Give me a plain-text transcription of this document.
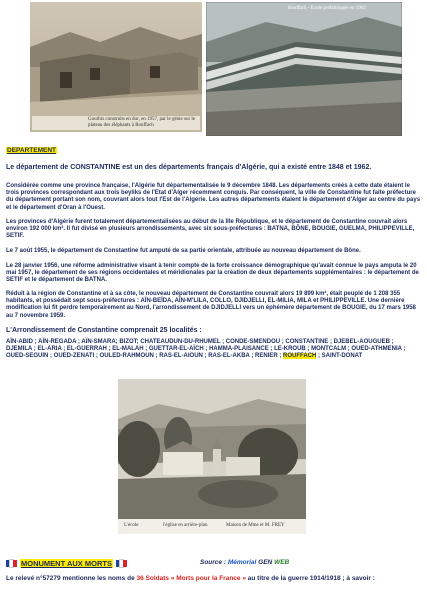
Gourbis construits en dur, en 1957, par le génie sur le plateau des éléphants à Rouffach
Rouffach - Ecole préfabriquée en 1962
DEPARTEMENT

Le département de CONSTANTINE est un des départements français d'Algérie, qui a existé entre 1848 et 1962.

Considérée comme une province française, l'Algérie fut départementalisée le 9 décembre 1848. Les départements créés à cette date étaient le trois provinces correspondant aux trois beyliks de l'Etat d'Alger récemment conquis. Par conséquent, la ville de Constantine fut faite préfecture du département portant son nom, couvrant alors tout l'Est de l'Algérie. Les autres départements étaient le département d'Alger au centre du pays et le département d'Oran à l'Ouest.

Les provinces d'Algérie furent totalement départementalisées au début de la IIIe République, et le département de Constantine couvrait alors environ 192 000 km². Il fut divisé en plusieurs arrondissements, avec six sous-préfectures : BATNA, BÔNE, BOUGIE, GUELMA, PHILIPPEVILLE, SETIF.

Le 7 août 1955, le département de Constantine fut amputé de sa partie orientale, attribuée au nouveau département de Bône.

Le 28 janvier 1956, une réforme administrative visant à tenir compte de la forte croissance démographique qu'avait connue le pays amputa le 20 mai 1957, le département de ses régions occidentales et méridionales par la création de deux départements supplémentaires : le département de SETIF et le département de BATNA.

Réduit à la région de Constantine et à sa côte, le nouveau département de Constantine couvrait alors 19 899 km², était peuplé de 1 208 355 habitants, et possédait sept sous-préfectures : AÏN-BEÏDA, AÏN-M'LILA, COLLO, DJIDJELLI, EL-MILIA, MILA et PHILIPPEVILLE. Une dernière modification lui fit perdre temporairement au Nord, l'arrondissement de DJIDJELLI vers un éphémère département de BOUGIE, du 17 mars 1958 au 7 novembre 1959.

L'Arrondissement de Constantine comprenait 25 localités :

AÏN-ABID ; AÏN-REGADA ; AÏN-SMARA; BIZOT; CHATEAUDUN-DU-RHUMEL ; CONDE-SMENDOU ; CONSTANTINE ; DJEBEL-AOUGUEB ; DJEMILA ; EL-ARIA ; EL-GUERRAH ; EL-MALAH ; GUETTAR-EL-AÏCH ; HAMMA-PLAISANCE ; LE-KROUB ; MONTCALM ; OUED-ATHMENIA ; OUED-SEGUIN ; OUED-ZENATI ; OULED-RAHMOUN ; RAS-EL-AIOUN ; RAS-EL-AKBA ; RENIER ; ROUFFACH ; SAINT-DONAT

L'école	l'église en arrière-plan	Maison de Mme et M. FREY
MONUMENT AUX MORTS	Source : Mémorial GEN WEB

Le relevé n°57279 mentionne les noms de 36 Soldats « Morts pour la France » au titre de la guerre 1914/1918 ; à savoir :
